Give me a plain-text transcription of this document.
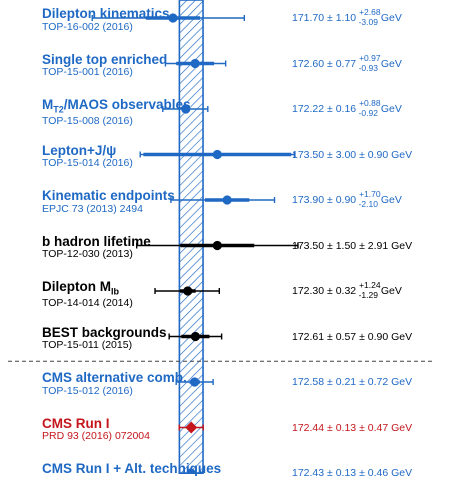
Dilepton kinematics
TOP-16-002 (2016)
Single top enriched
TOP-15-001 (2016)
$M_{T2}$/MAOS observables
TOP-15-008 (2016)
Lepton+J/ψ
TOP-15-014 (2016)
Kinematic endpoints
EPJC 73 (2013) 2494
b hadron lifetime
TOP-12-030 (2013)
Dilepton $M_{lb}$
TOP-14-014 (2014)
BEST backgrounds
TOP-15-011 (2015)
CMS alternative comb.
TOP-15-012 (2016)
CMS Run I
PRD 93 (2016) 072004
CMS Run I + Alt. techniques
171.70 ± 1.10 $^{+2.68}_{-3.09}$ GeV
172.60 ± 0.77 $^{+0.97}_{-0.93}$ GeV
172.22 ± 0.16 $^{+0.88}_{-0.92}$ GeV
173.50 ± 3.00 ± 0.90 GeV
173.90 ± 0.90 $^{+1.70}_{-2.10}$ GeV
173.50 ± 1.50 ± 2.91 GeV
172.30 ± 0.32 $^{+1.24}_{-1.29}$ GeV
172.61 ± 0.57 ± 0.90 GeV
172.58 ± 0.21 ± 0.72 GeV
172.44 ± 0.13 ± 0.47 GeV
172.43 ± 0.13 ± 0.46 GeV
